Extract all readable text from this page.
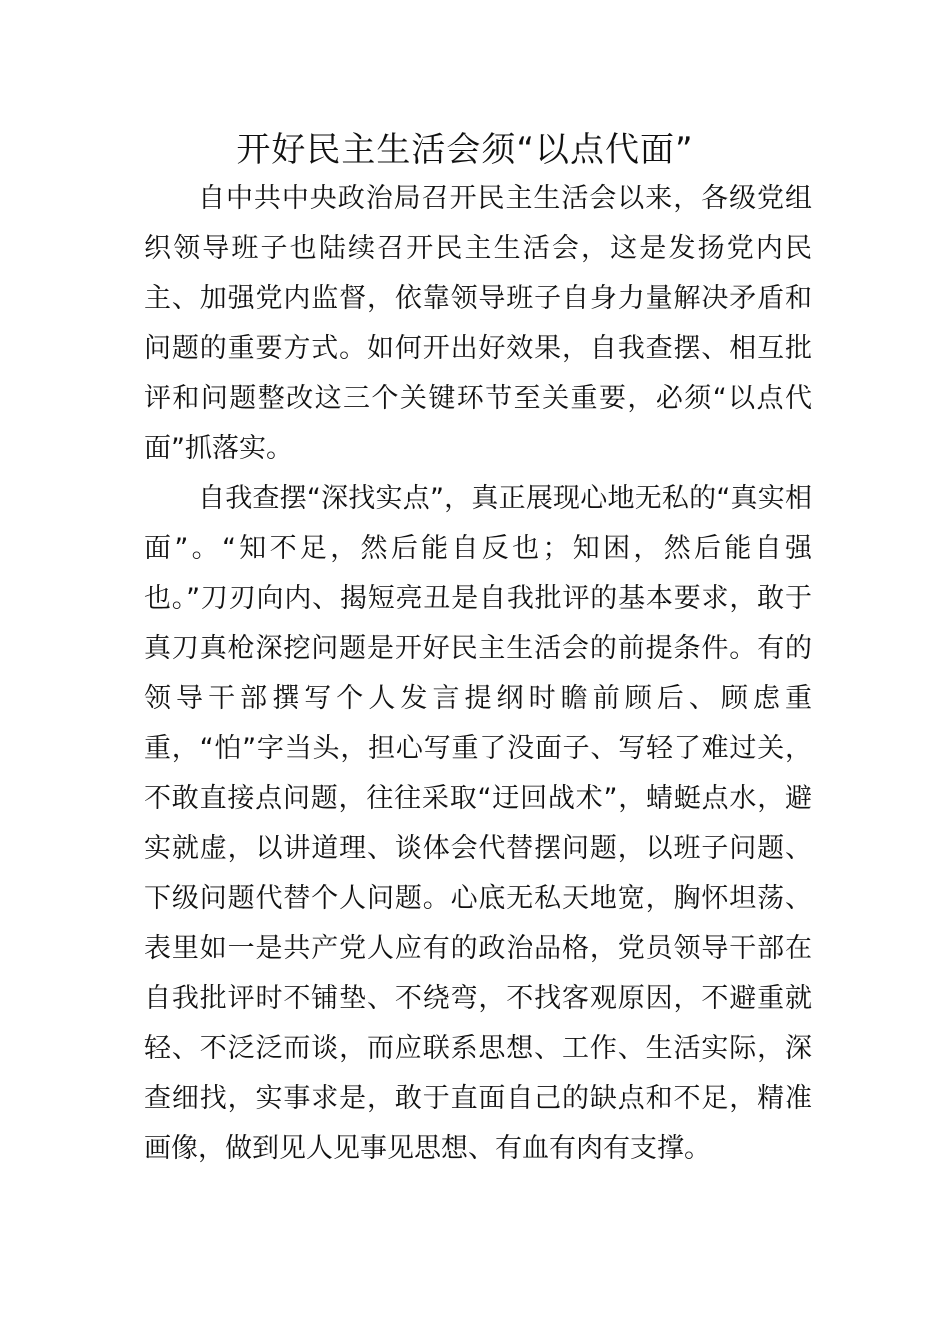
开好民主生活会须“以点代面”

自中共中央政治局召开民主生活会以来，各级党组织领导班子也陆续召开民主生活会，这是发扬党内民主、加强党内监督，依靠领导班子自身力量解决矛盾和问题的重要方式。如何开出好效果，自我查摆、相互批评和问题整改这三个关键环节至关重要，必须“以点代面”抓落实。

自我查摆“深找实点”，真正展现心地无私的“真实相面”。“知不足，然后能自反也；知困，然后能自强也。”刀刃向内、揭短亮丑是自我批评的基本要求，敢于真刀真枪深挖问题是开好民主生活会的前提条件。有的领导干部撰写个人发言提纲时瞻前顾后、顾虑重重，“怕”字当头，担心写重了没面子、写轻了难过关，不敢直接点问题，往往采取“迂回战术”，蜻蜓点水，避实就虚，以讲道理、谈体会代替摆问题，以班子问题、下级问题代替个人问题。心底无私天地宽，胸怀坦荡、表里如一是共产党人应有的政治品格，党员领导干部在自我批评时不铺垫、不绕弯，不找客观原因，不避重就轻、不泛泛而谈，而应联系思想、工作、生活实际，深查细找，实事求是，敢于直面自己的缺点和不足，精准画像，做到见人见事见思想、有血有肉有支撑。
